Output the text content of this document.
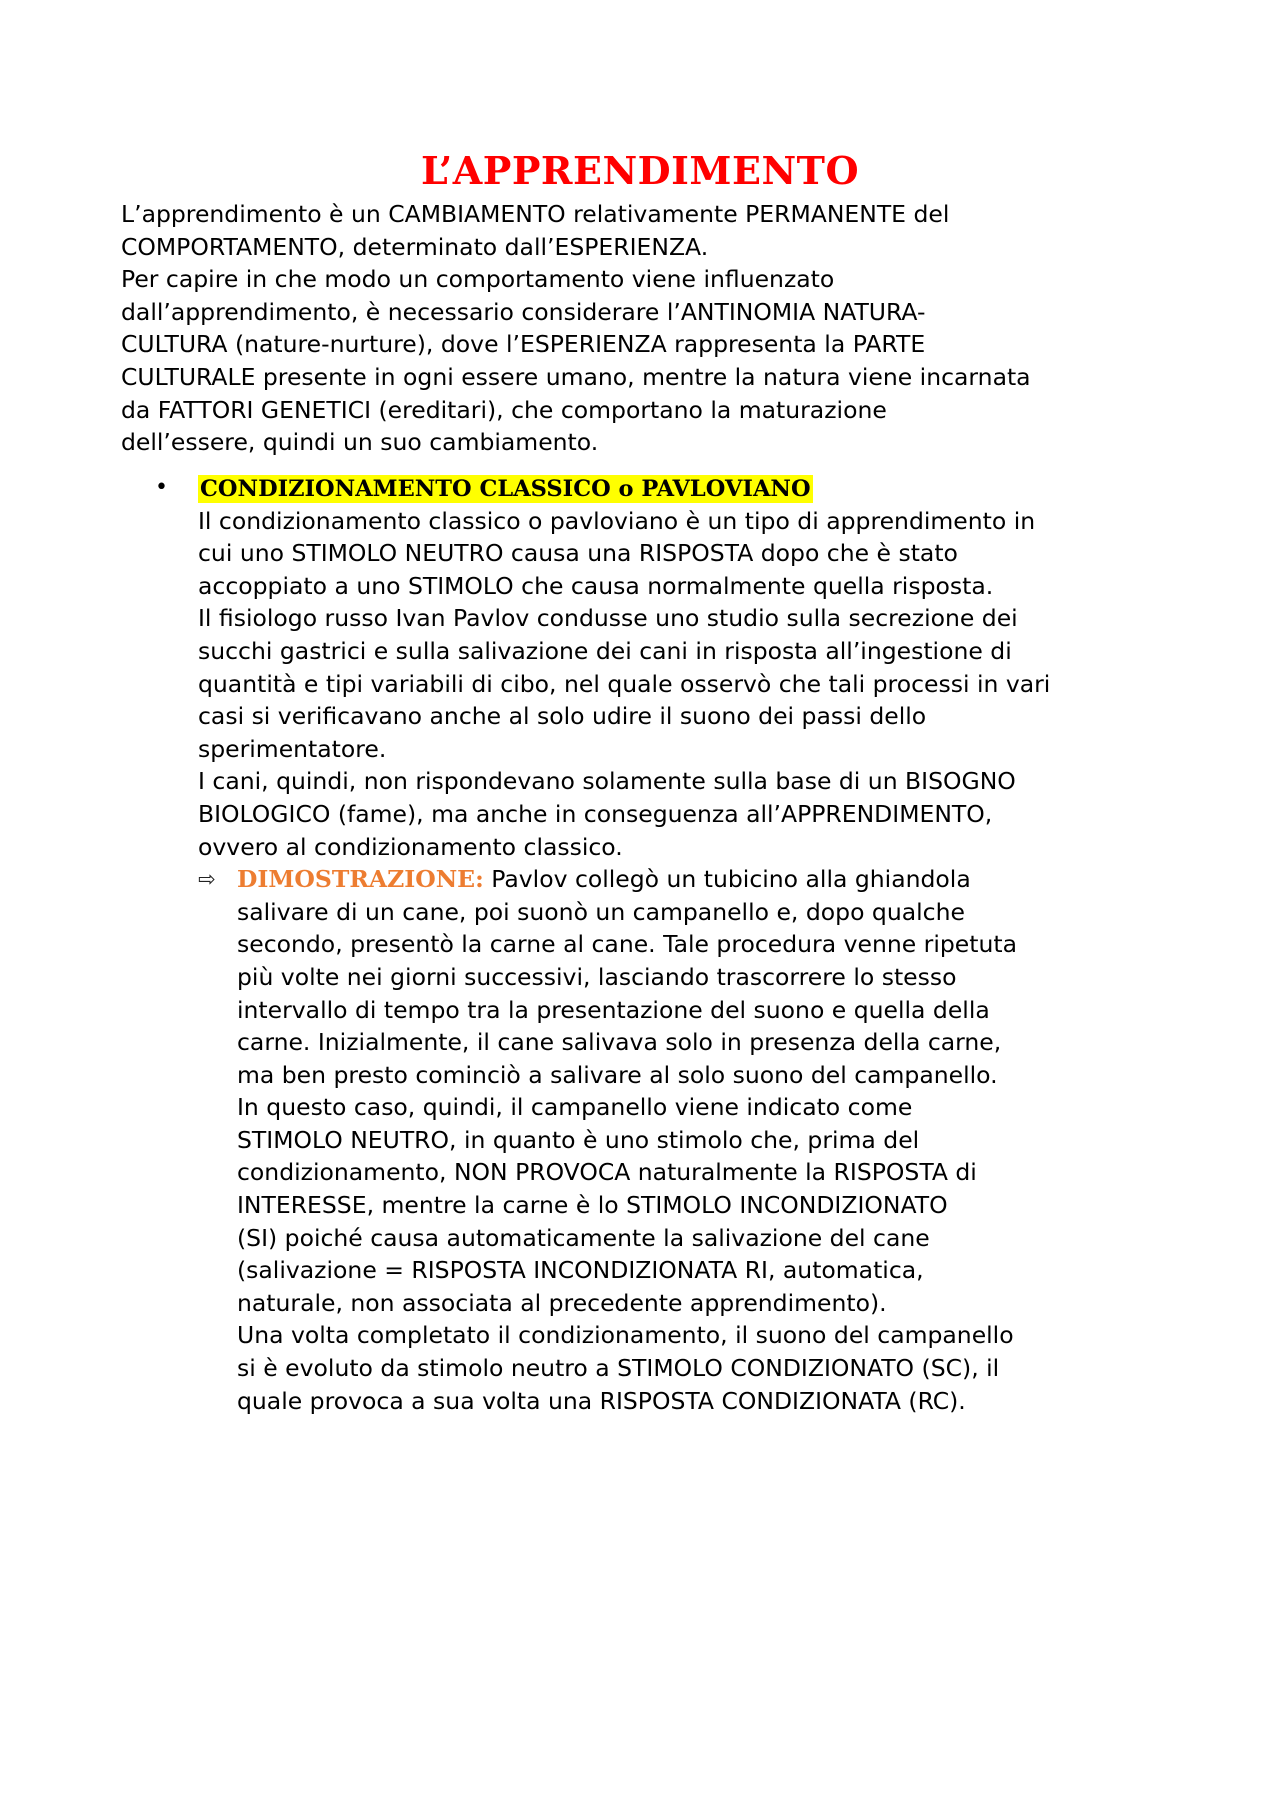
L’APPRENDIMENTO
L’apprendimento è un CAMBIAMENTO relativamente PERMANENTE del
COMPORTAMENTO, determinato dall’ESPERIENZA.
Per capire in che modo un comportamento viene influenzato
dall’apprendimento, è necessario considerare l’ANTINOMIA NATURA-
CULTURA (nature-nurture), dove l’ESPERIENZA rappresenta la PARTE
CULTURALE presente in ogni essere umano, mentre la natura viene incarnata
da FATTORI GENETICI (ereditari), che comportano la maturazione
dell’essere, quindi un suo cambiamento.
• CONDIZIONAMENTO CLASSICO o PAVLOVIANO
Il condizionamento classico o pavloviano è un tipo di apprendimento in
cui uno STIMOLO NEUTRO causa una RISPOSTA dopo che è stato
accoppiato a uno STIMOLO che causa normalmente quella risposta.
Il fisiologo russo Ivan Pavlov condusse uno studio sulla secrezione dei
succhi gastrici e sulla salivazione dei cani in risposta all’ingestione di
quantità e tipi variabili di cibo, nel quale osservò che tali processi in vari
casi si verificavano anche al solo udire il suono dei passi dello
sperimentatore.
I cani, quindi, non rispondevano solamente sulla base di un BISOGNO
BIOLOGICO (fame), ma anche in conseguenza all’APPRENDIMENTO,
ovvero al condizionamento classico.
⇨ DIMOSTRAZIONE: Pavlov collegò un tubicino alla ghiandola
salivare di un cane, poi suonò un campanello e, dopo qualche
secondo, presentò la carne al cane. Tale procedura venne ripetuta
più volte nei giorni successivi, lasciando trascorrere lo stesso
intervallo di tempo tra la presentazione del suono e quella della
carne. Inizialmente, il cane salivava solo in presenza della carne,
ma ben presto cominciò a salivare al solo suono del campanello.
In questo caso, quindi, il campanello viene indicato come
STIMOLO NEUTRO, in quanto è uno stimolo che, prima del
condizionamento, NON PROVOCA naturalmente la RISPOSTA di
INTERESSE, mentre la carne è lo STIMOLO INCONDIZIONATO
(SI) poiché causa automaticamente la salivazione del cane
(salivazione = RISPOSTA INCONDIZIONATA RI, automatica,
naturale, non associata al precedente apprendimento).
Una volta completato il condizionamento, il suono del campanello
si è evoluto da stimolo neutro a STIMOLO CONDIZIONATO (SC), il
quale provoca a sua volta una RISPOSTA CONDIZIONATA (RC).
